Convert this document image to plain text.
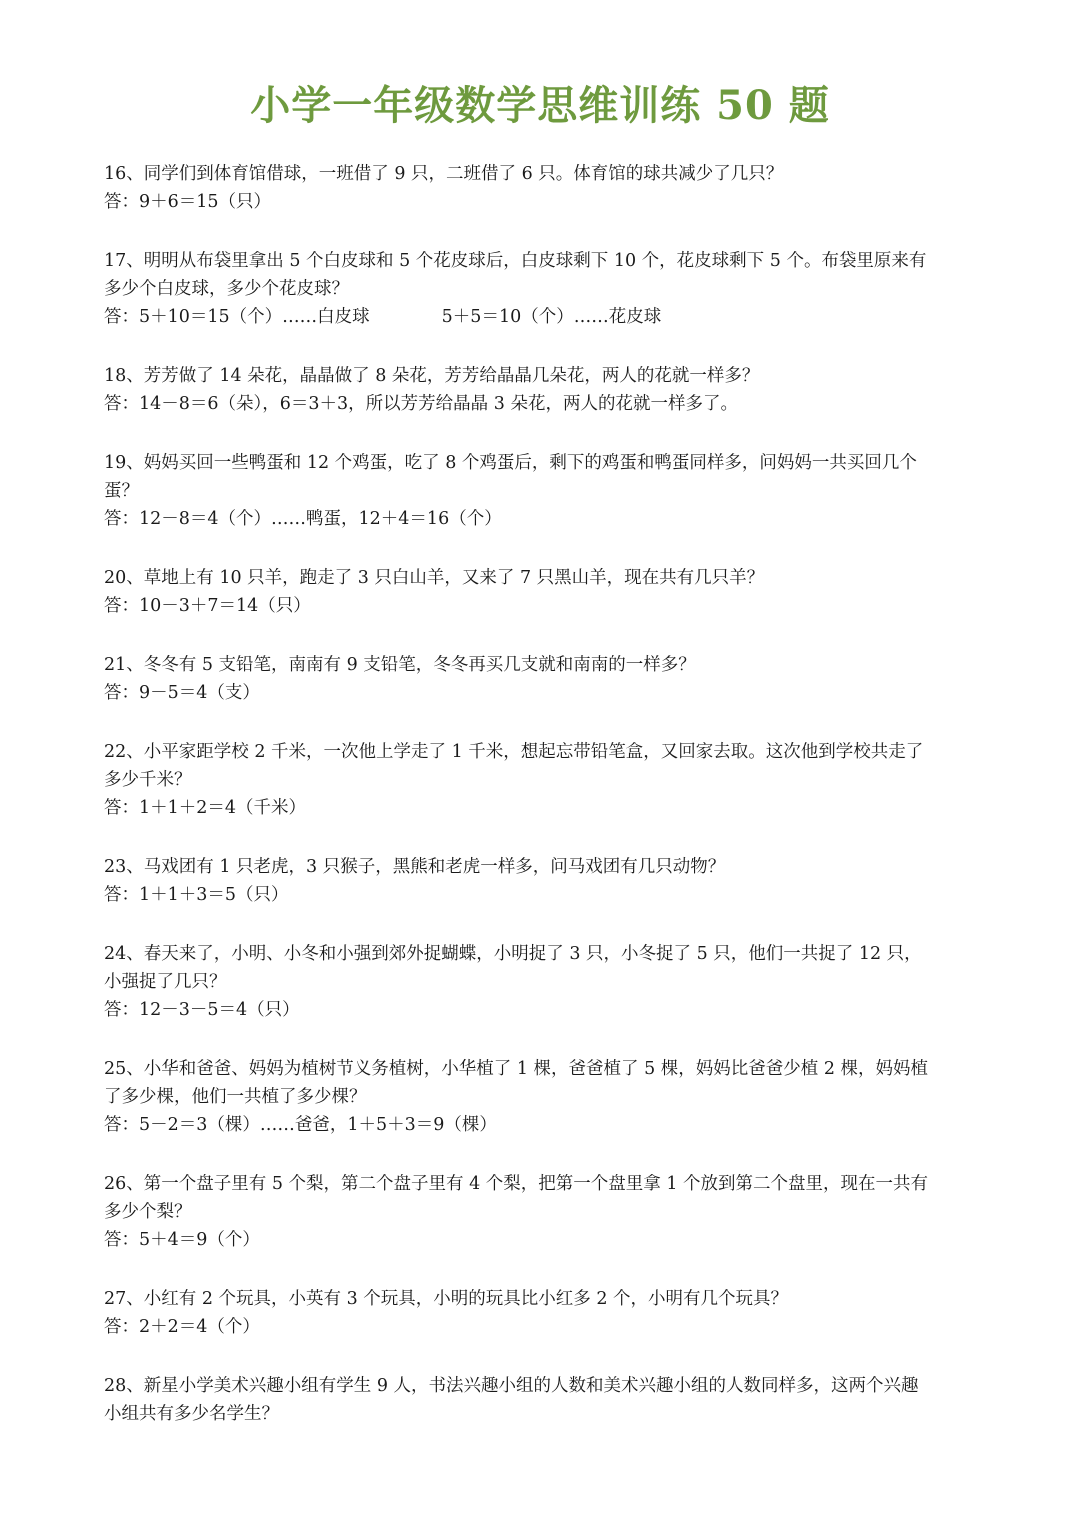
小学一年级数学思维训练 50 题
16、同学们到体育馆借球，一班借了 9 只，二班借了 6 只。体育馆的球共减少了几只？
答：9＋6＝15（只）
17、明明从布袋里拿出 5 个白皮球和 5 个花皮球后，白皮球剩下 10 个，花皮球剩下 5 个。布袋里原来有
多少个白皮球，多少个花皮球？
答：5＋10＝15（个）……白皮球	5＋5＝10（个）……花皮球
18、芳芳做了 14 朵花，晶晶做了 8 朵花，芳芳给晶晶几朵花，两人的花就一样多？
答：14－8＝6（朵），6＝3＋3，所以芳芳给晶晶 3 朵花，两人的花就一样多了。
19、妈妈买回一些鸭蛋和 12 个鸡蛋，吃了 8 个鸡蛋后，剩下的鸡蛋和鸭蛋同样多，问妈妈一共买回几个
蛋？
答：12－8＝4（个）……鸭蛋，12＋4＝16（个）
20、草地上有 10 只羊，跑走了 3 只白山羊，又来了 7 只黑山羊，现在共有几只羊？
答：10－3＋7＝14（只）
21、冬冬有 5 支铅笔，南南有 9 支铅笔，冬冬再买几支就和南南的一样多？
答：9－5＝4（支）
22、小平家距学校 2 千米，一次他上学走了 1 千米，想起忘带铅笔盒，又回家去取。这次他到学校共走了
多少千米？
答：1＋1＋2＝4（千米）
23、马戏团有 1 只老虎，3 只猴子，黑熊和老虎一样多，问马戏团有几只动物？
答：1＋1＋3＝5（只）
24、春天来了，小明、小冬和小强到郊外捉蝴蝶，小明捉了 3 只，小冬捉了 5 只，他们一共捉了 12 只，
小强捉了几只？
答：12－3－5＝4（只）
25、小华和爸爸、妈妈为植树节义务植树，小华植了 1 棵，爸爸植了 5 棵，妈妈比爸爸少植 2 棵，妈妈植
了多少棵，他们一共植了多少棵？
答：5－2＝3（棵）……爸爸，1＋5＋3＝9（棵）
26、第一个盘子里有 5 个梨，第二个盘子里有 4 个梨，把第一个盘里拿 1 个放到第二个盘里，现在一共有
多少个梨？
答：5＋4＝9（个）
27、小红有 2 个玩具，小英有 3 个玩具，小明的玩具比小红多 2 个，小明有几个玩具？
答：2＋2＝4（个）
28、新星小学美术兴趣小组有学生 9 人，书法兴趣小组的人数和美术兴趣小组的人数同样多，这两个兴趣
小组共有多少名学生？
